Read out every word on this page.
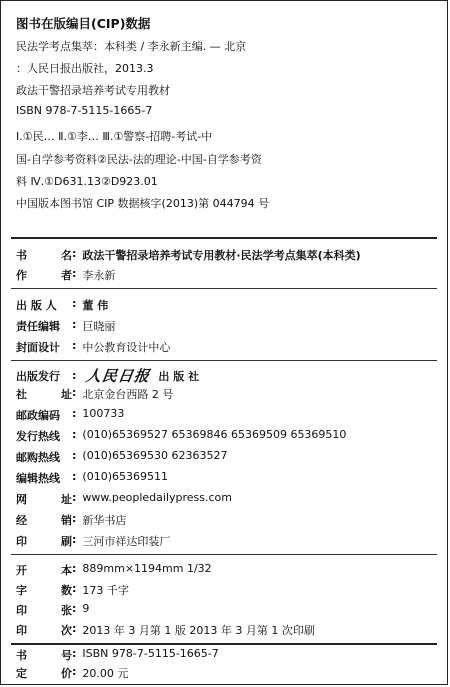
图书在版编目(CIP)数据
民法学考点集萃：本科类 / 李永新主编. — 北京
：人民日报出版社，2013.3
政法干警招录培养考试专用教材
ISBN 978-7-5115-1665-7
Ⅰ.①民… Ⅱ.①李… Ⅲ.①警察-招聘-考试-中
国-自学参考资料②民法-法的理论-中国-自学参考资
料 Ⅳ.①D631.13②D923.01
中国版本图书馆 CIP 数据核字(2013)第 044794 号
书	名 : 政法干警招录培养考试专用教材·民法学考点集萃(本科类)
作	者 : 李永新
出 版 人	: 董 伟
责任编辑	: 巨晓丽
封面设计	: 中公教育设计中心
出版发行	: 人民日报 出 版 社
社	址 : 北京金台西路 2 号
邮政编码	: 100733
发行热线	: (010)65369527 65369846 65369509 65369510
邮购热线	: (010)65369530 62363527
编辑热线	: (010)65369511
网	址 : www.peopledailypress.com
经	销 : 新华书店
印	刷 : 三河市祥达印装厂
开	本 : 889mm×1194mm 1/32
字	数 : 173 千字
印	张 : 9
印	次 : 2013 年 3 月第 1 版 2013 年 3 月第 1 次印刷
书	号 : ISBN 978-7-5115-1665-7
定	价 : 20.00 元
